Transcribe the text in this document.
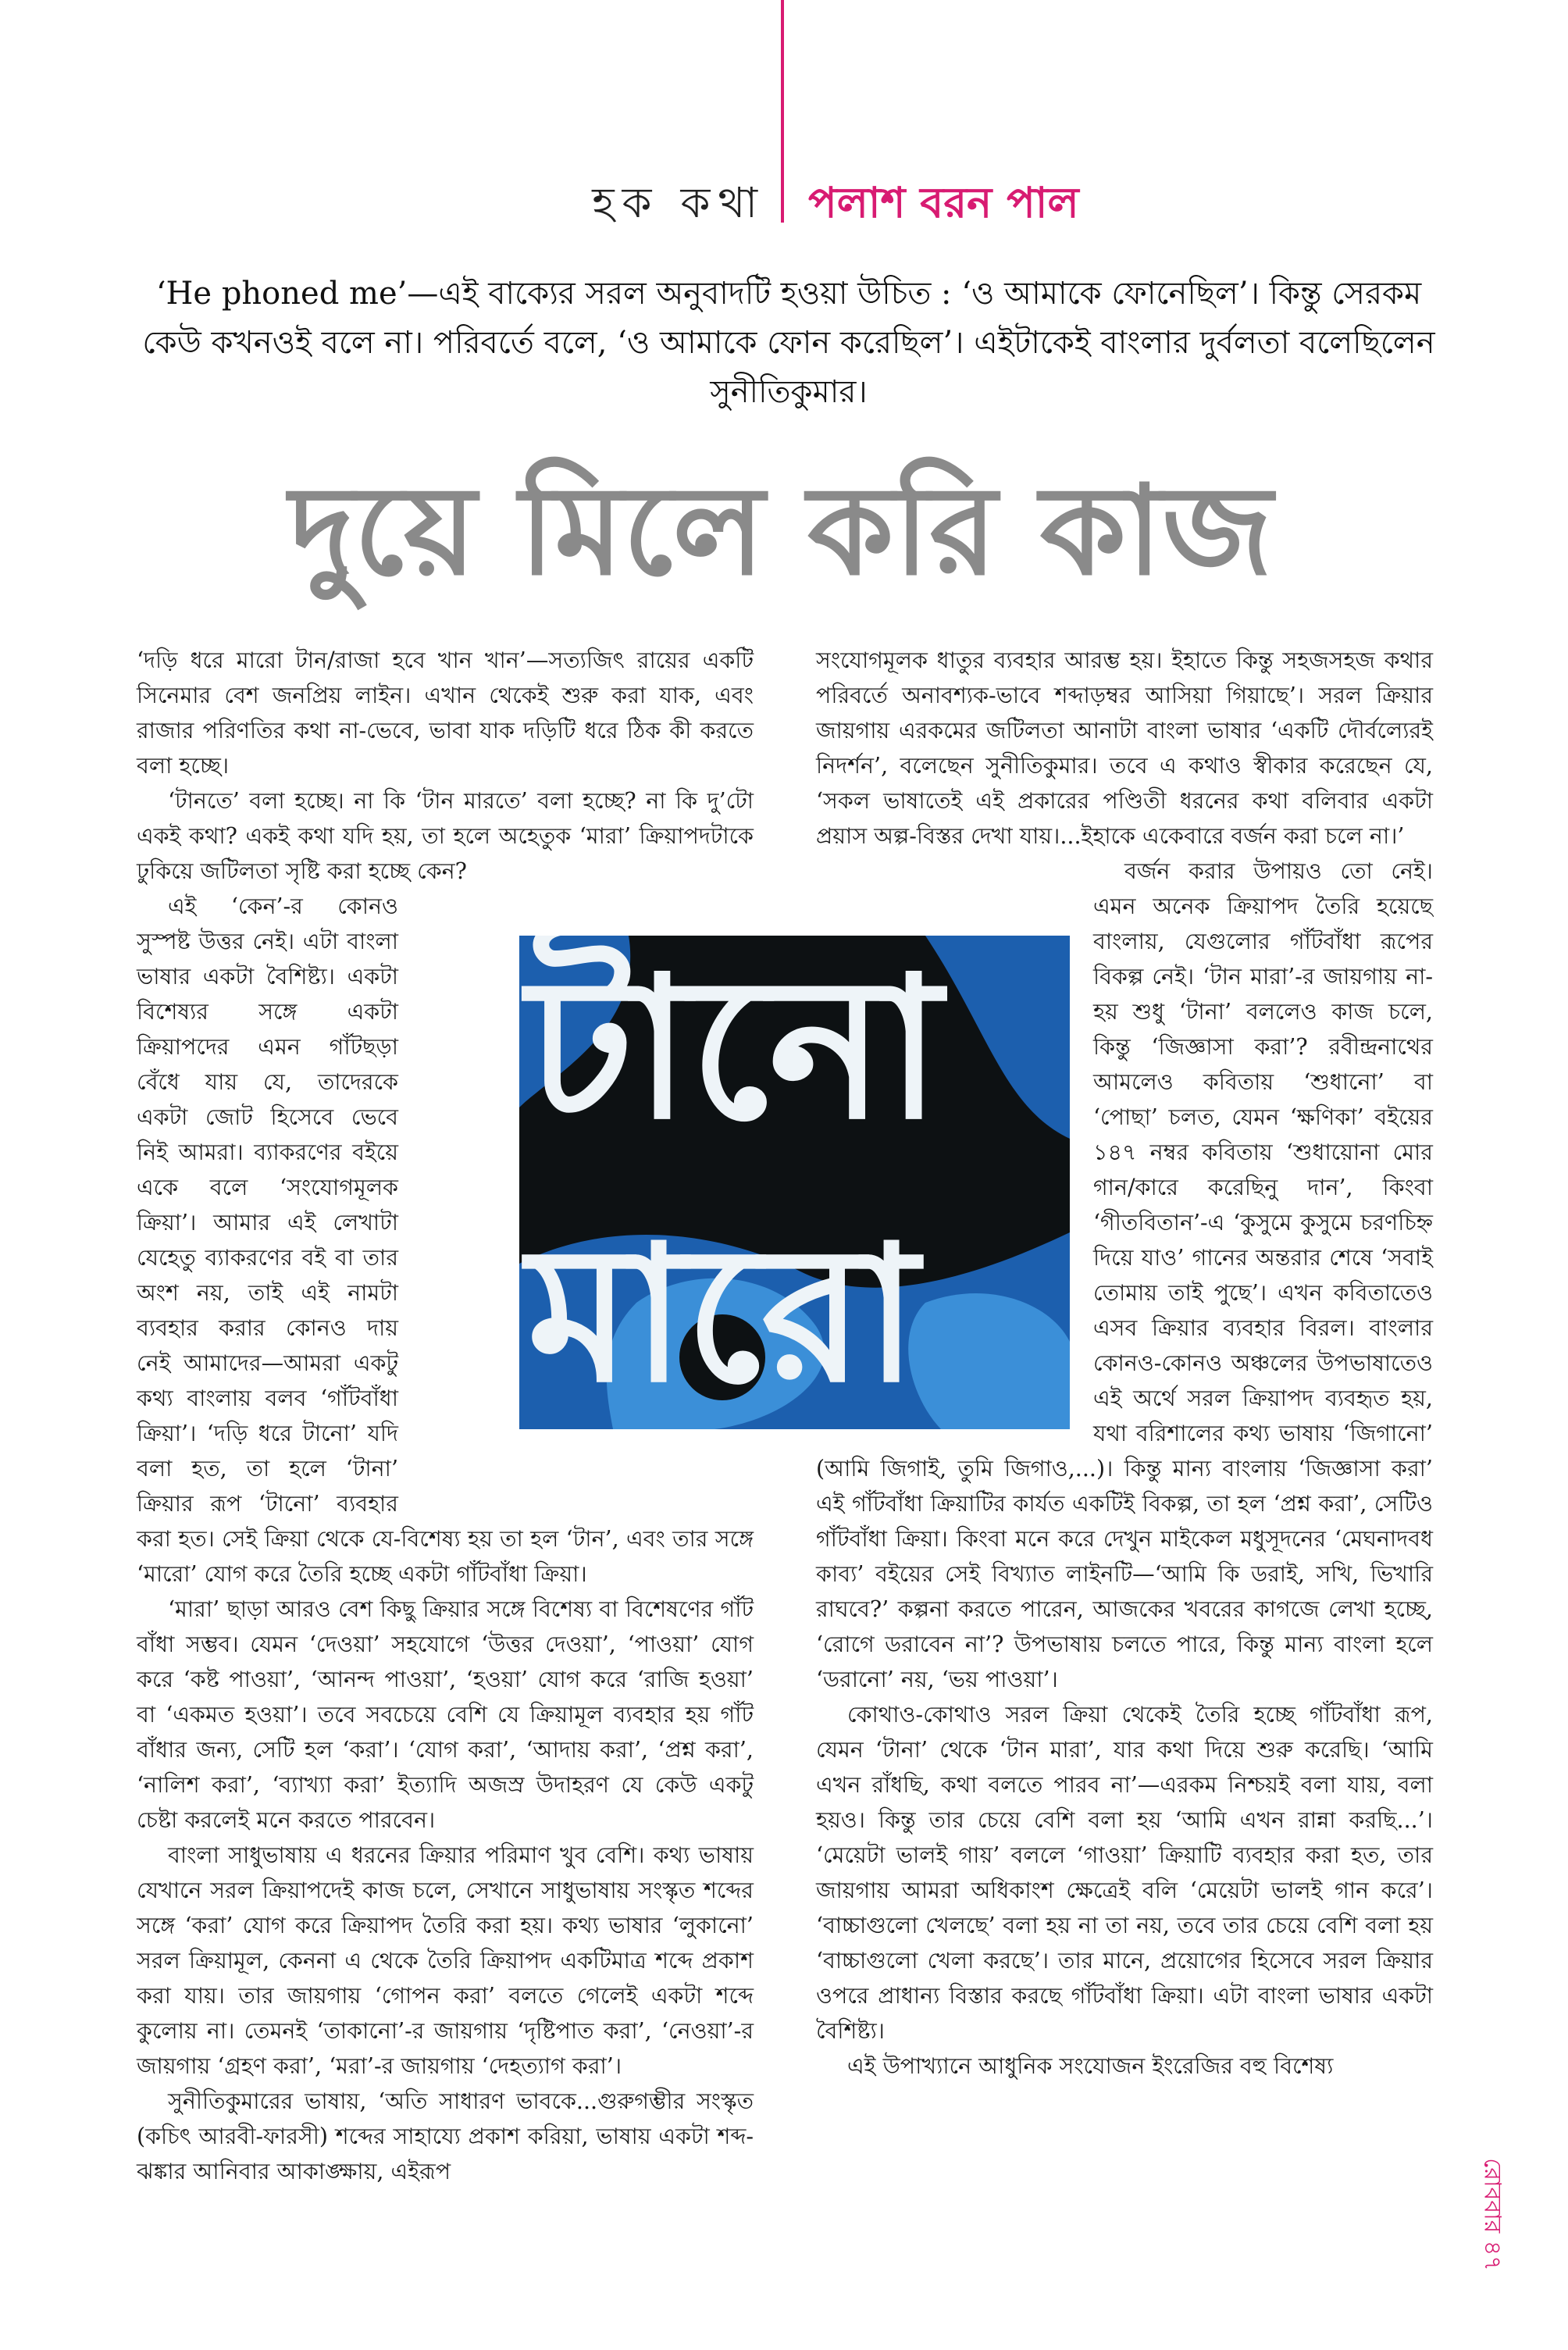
হক কথা পলাশ বরন পাল
‘He phoned me’—এই বাক্যের সরল অনুবাদটি হওয়া উচিত : ‘ও আমাকে ফোনেছিল’। কিন্তু সেরকম কেউ কখনওই বলে না। পরিবর্তে বলে, ‘ও আমাকে ফোন করেছিল’। এইটাকেই বাংলার দুর্বলতা বলেছিলেন সুনীতিকুমার।
দুয়ে মিলে করি কাজ

‘দড়ি ধরে মারো টান/রাজা হবে খান খান’—সত্যজিৎ রায়ের একটি সিনেমার বেশ জনপ্রিয় লাইন। এখান থেকেই শুরু করা যাক, এবং রাজার পরিণতির কথা না-ভেবে, ভাবা যাক দড়িটি ধরে ঠিক কী করতে বলা হচ্ছে।

‘টানতে’ বলা হচ্ছে। না কি ‘টান মারতে’ বলা হচ্ছে? না কি দু’টো একই কথা? একই কথা যদি হয়, তা হলে অহেতুক ‘মারা’ ক্রিয়াপদটাকে ঢুকিয়ে জটিলতা সৃষ্টি করা হচ্ছে কেন?

এই ‘কেন’-র কোনও সুস্পষ্ট উত্তর নেই। এটা বাংলা ভাষার একটা বৈশিষ্ট্য। একটা বিশেষ্যর সঙ্গে একটা ক্রিয়াপদের এমন গাঁটছড়া বেঁধে যায় যে, তাদেরকে একটা জোট হিসেবে ভেবে নিই আমরা। ব্যাকরণের বইয়ে একে বলে ‘সংযোগমূলক ক্রিয়া’। আমার এই লেখাটা যেহেতু ব্যাকরণের বই বা তার অংশ নয়, তাই এই নামটা ব্যবহার করার কোনও দায় নেই আমাদের—আমরা একটু কথ্য বাংলায় বলব ‘গাঁটবাঁধা ক্রিয়া’। ‘দড়ি ধরে টানো’ যদি বলা হত, তা হলে ‘টানা’ ক্রিয়ার রূপ ‘টানো’ ব্যবহার করা হত। সেই ক্রিয়া থেকে যে-বিশেষ্য হয় তা হল ‘টান’, এবং তার সঙ্গে ‘মারো’ যোগ করে তৈরি হচ্ছে একটা গাঁটবাঁধা ক্রিয়া।

‘মারা’ ছাড়া আরও বেশ কিছু ক্রিয়ার সঙ্গে বিশেষ্য বা বিশেষণের গাঁট বাঁধা সম্ভব। যেমন ‘দেওয়া’ সহযোগে ‘উত্তর দেওয়া’, ‘পাওয়া’ যোগ করে ‘কষ্ট পাওয়া’, ‘আনন্দ পাওয়া’, ‘হওয়া’ যোগ করে ‘রাজি হওয়া’ বা ‘একমত হওয়া’। তবে সবচেয়ে বেশি যে ক্রিয়ামূল ব্যবহার হয় গাঁট বাঁধার জন্য, সেটি হল ‘করা’। ‘যোগ করা’, ‘আদায় করা’, ‘প্রশ্ন করা’, ‘নালিশ করা’, ‘ব্যাখ্যা করা’ ইত্যাদি অজস্র উদাহরণ যে কেউ একটু চেষ্টা করলেই মনে করতে পারবেন।

বাংলা সাধুভাষায় এ ধরনের ক্রিয়ার পরিমাণ খুব বেশি। কথ্য ভাষায় যেখানে সরল ক্রিয়াপদেই কাজ চলে, সেখানে সাধুভাষায় সংস্কৃত শব্দের সঙ্গে ‘করা’ যোগ করে ক্রিয়াপদ তৈরি করা হয়। কথ্য ভাষার ‘লুকানো’ সরল ক্রিয়ামূল, কেননা এ থেকে তৈরি ক্রিয়াপদ একটিমাত্র শব্দে প্রকাশ করা যায়। তার জায়গায় ‘গোপন করা’ বলতে গেলেই একটা শব্দে কুলোয় না। তেমনই ‘তাকানো’-র জায়গায় ‘দৃষ্টিপাত করা’, ‘নেওয়া’-র জায়গায় ‘গ্রহণ করা’, ‘মরা’-র জায়গায় ‘দেহত্যাগ করা’।

সুনীতিকুমারের ভাষায়, ‘অতি সাধারণ ভাবকে...গুরুগম্ভীর সংস্কৃত (কচিৎ আরবী-ফারসী) শব্দের সাহায্যে প্রকাশ করিয়া, ভাষায় একটা শব্দ-ঝঙ্কার আনিবার আকাঙ্ক্ষায়, এইরূপ

সংযোগমূলক ধাতুর ব্যবহার আরম্ভ হয়। ইহাতে কিন্তু সহজসহজ কথার পরিবর্তে অনাবশ্যক-ভাবে শব্দাড়ম্বর আসিয়া গিয়াছে’। সরল ক্রিয়ার জায়গায় এরকমের জটিলতা আনাটা বাংলা ভাষার ‘একটি দৌর্বল্যেরই নিদর্শন’, বলেছেন সুনীতিকুমার। তবে এ কথাও স্বীকার করেছেন যে, ‘সকল ভাষাতেই এই প্রকারের পণ্ডিতী ধরনের কথা বলিবার একটা প্রয়াস অল্প-বিস্তর দেখা যায়।...ইহাকে একেবারে বর্জন করা চলে না।’

বর্জন করার উপায়ও তো নেই। এমন অনেক ক্রিয়াপদ তৈরি হয়েছে বাংলায়, যেগুলোর গাঁটবাঁধা রূপের বিকল্প নেই। ‘টান মারা’-র জায়গায় না-হয় শুধু ‘টানা’ বললেও কাজ চলে, কিন্তু ‘জিজ্ঞাসা করা’? রবীন্দ্রনাথের আমলেও কবিতায় ‘শুধানো’ বা ‘পোছা’ চলত, যেমন ‘ক্ষণিকা’ বইয়ের ১৪৭ নম্বর কবিতায় ‘শুধায়োনা মোর গান/কারে করেছিনু দান’, কিংবা ‘গীতবিতান’-এ ‘কুসুমে কুসুমে চরণচিহ্ন দিয়ে যাও’ গানের অন্তরার শেষে ‘সবাই তোমায় তাই পুছে’। এখন কবিতাতেও এসব ক্রিয়ার ব্যবহার বিরল। বাংলার কোনও-কোনও অঞ্চলের উপভাষাতেও এই অর্থে সরল ক্রিয়াপদ ব্যবহৃত হয়, যথা বরিশালের কথ্য ভাষায় ‘জিগানো’ (আমি জিগাই, তুমি জিগাও,...)। কিন্তু মান্য বাংলায় ‘জিজ্ঞাসা করা’ এই গাঁটবাঁধা ক্রিয়াটির কার্যত একটিই বিকল্প, তা হল ‘প্রশ্ন করা’, সেটিও গাঁটবাঁধা ক্রিয়া। কিংবা মনে করে দেখুন মাইকেল মধুসূদনের ‘মেঘনাদবধ কাব্য’ বইয়ের সেই বিখ্যাত লাইনটি—‘আমি কি ডরাই, সখি, ভিখারি রাঘবে?’ কল্পনা করতে পারেন, আজকের খবরের কাগজে লেখা হচ্ছে, ‘রোগে ডরাবেন না’? উপভাষায় চলতে পারে, কিন্তু মান্য বাংলা হলে ‘ডরানো’ নয়, ‘ভয় পাওয়া’।

কোথাও-কোথাও সরল ক্রিয়া থেকেই তৈরি হচ্ছে গাঁটবাঁধা রূপ, যেমন ‘টানা’ থেকে ‘টান মারা’, যার কথা দিয়ে শুরু করেছি। ‘আমি এখন রাঁধছি, কথা বলতে পারব না’—এরকম নিশ্চয়ই বলা যায়, বলা হয়ও। কিন্তু তার চেয়ে বেশি বলা হয় ‘আমি এখন রান্না করছি...’। ‘মেয়েটা ভালই গায়’ বললে ‘গাওয়া’ ক্রিয়াটি ব্যবহার করা হত, তার জায়গায় আমরা অধিকাংশ ক্ষেত্রেই বলি ‘মেয়েটা ভালই গান করে’। ‘বাচ্চাগুলো খেলছে’ বলা হয় না তা নয়, তবে তার চেয়ে বেশি বলা হয় ‘বাচ্চাগুলো খেলা করছে’। তার মানে, প্রয়োগের হিসেবে সরল ক্রিয়ার ওপরে প্রাধান্য বিস্তার করছে গাঁটবাঁধা ক্রিয়া। এটা বাংলা ভাষার একটা বৈশিষ্ট্য।

এই উপাখ্যানে আধুনিক সংযোজন ইংরেজির বহু বিশেষ্য

টানো
মারো
রোববার ৪৭
